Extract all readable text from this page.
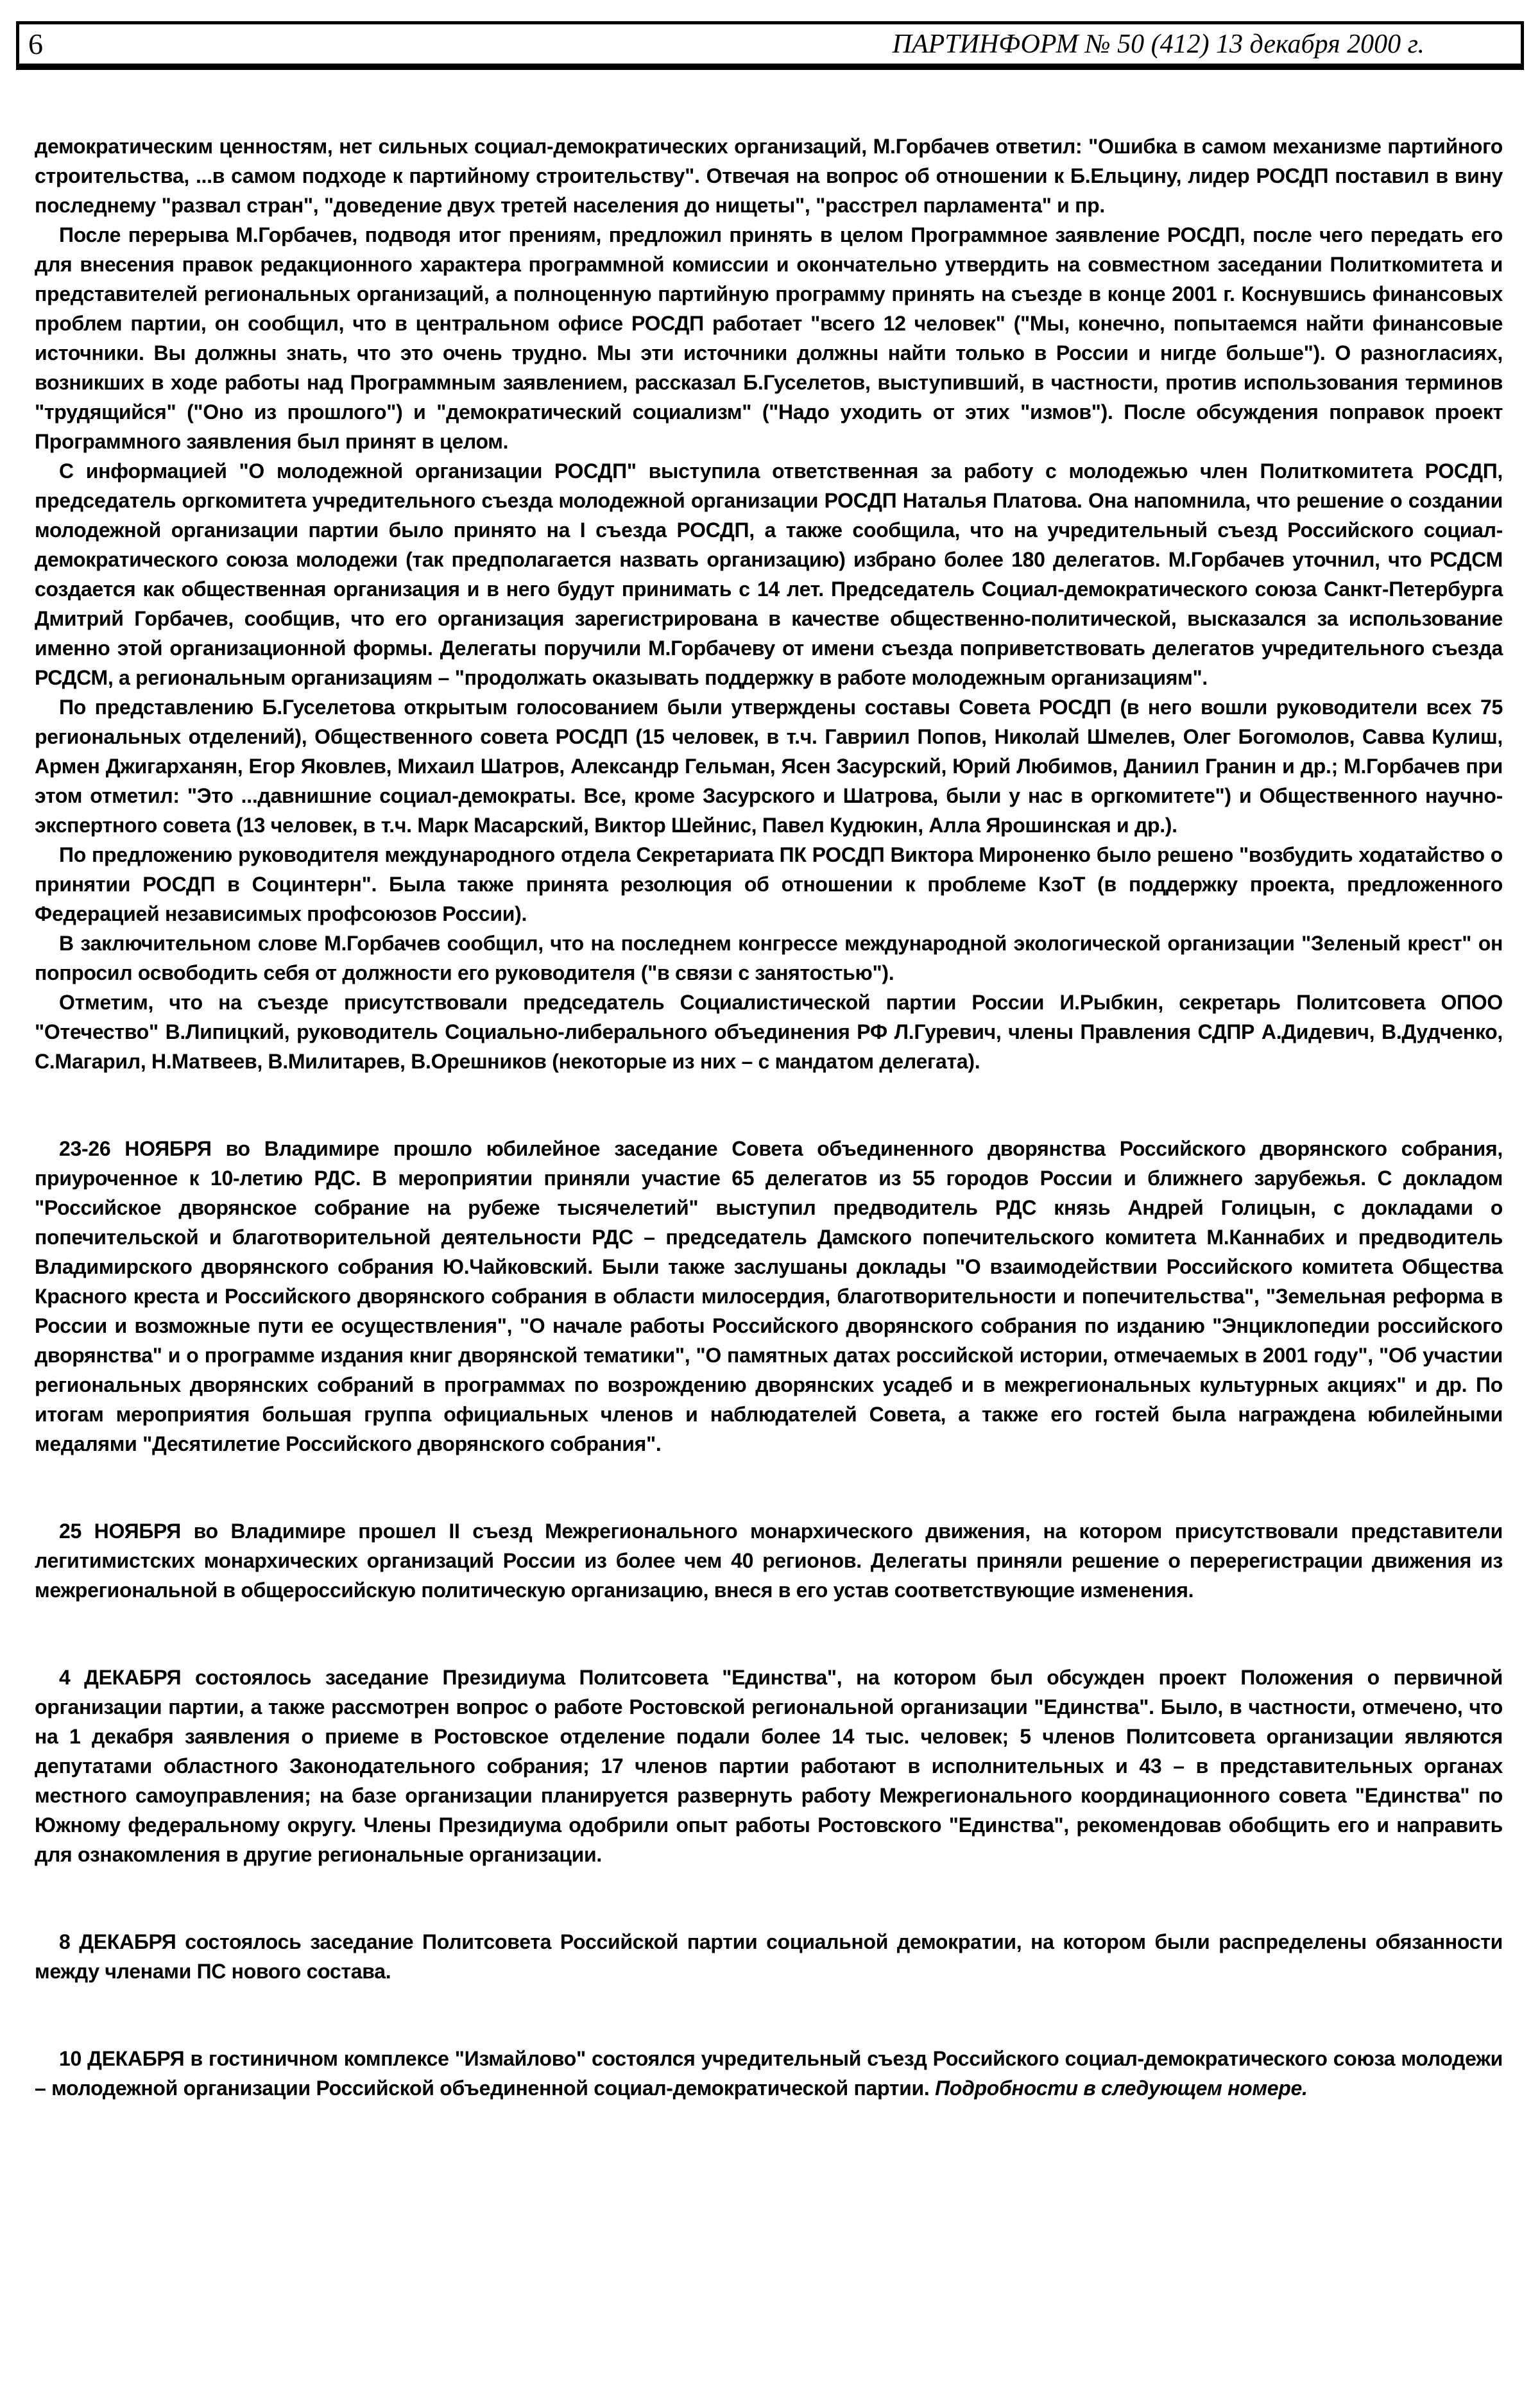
6	ПАРТИНФОРМ № 50 (412) 13 декабря 2000 г.

демократическим ценностям, нет сильных социал-демократических организаций, М.Горбачев ответил: "Ошибка в самом механизме партийного строительства, ...в самом подходе к партийному строительству". Отвечая на вопрос об отношении к Б.Ельцину, лидер РОСДП поставил в вину последнему "развал стран", "доведение двух третей населения до нищеты", "расстрел парламента" и пр.

После перерыва М.Горбачев, подводя итог прениям, предложил принять в целом Программное заявление РОСДП, после чего передать его для внесения правок редакционного характера программной комиссии и окончательно утвердить на совместном заседании Политкомитета и представителей региональных организаций, а полноценную партийную программу принять на съезде в конце 2001 г. Коснувшись финансовых проблем партии, он сообщил, что в центральном офисе РОСДП работает "всего 12 человек" ("Мы, конечно, попытаемся найти финансовые источники. Вы должны знать, что это очень трудно. Мы эти источники должны найти только в России и нигде больше"). О разногласиях, возникших в ходе работы над Программным заявлением, рассказал Б.Гуселетов, выступивший, в частности, против использования терминов "трудящийся" ("Оно из прошлого") и "демократический социализм" ("Надо уходить от этих "измов"). После обсуждения поправок проект Программного заявления был принят в целом.

С информацией "О молодежной организации РОСДП" выступила ответственная за работу с молодежью член Политкомитета РОСДП, председатель оргкомитета учредительного съезда молодежной организации РОСДП Наталья Платова. Она напомнила, что решение о создании молодежной организации партии было принято на I съезда РОСДП, а также сообщила, что на учредительный съезд Российского социал-демократического союза молодежи (так предполагается назвать организацию) избрано более 180 делегатов. М.Горбачев уточнил, что РСДСМ создается как общественная организация и в него будут принимать с 14 лет. Председатель Социал-демократического союза Санкт-Петербурга Дмитрий Горбачев, сообщив, что его организация зарегистрирована в качестве общественно-политической, высказался за использование именно этой организационной формы. Делегаты поручили М.Горбачеву от имени съезда поприветствовать делегатов учредительного съезда РСДСМ, а региональным организациям – "продолжать оказывать поддержку в работе молодежным организациям".

По представлению Б.Гуселетова открытым голосованием были утверждены составы Совета РОСДП (в него вошли руководители всех 75 региональных отделений), Общественного совета РОСДП (15 человек, в т.ч. Гавриил Попов, Николай Шмелев, Олег Богомолов, Савва Кулиш, Армен Джигарханян, Егор Яковлев, Михаил Шатров, Александр Гельман, Ясен Засурский, Юрий Любимов, Даниил Гранин и др.; М.Горбачев при этом отметил: "Это ...давнишние социал-демократы. Все, кроме Засурского и Шатрова, были у нас в оргкомитете") и Общественного научно-экспертного совета (13 человек, в т.ч. Марк Масарский, Виктор Шейнис, Павел Кудюкин, Алла Ярошинская и др.).

По предложению руководителя международного отдела Секретариата ПК РОСДП Виктора Мироненко было решено "возбудить ходатайство о принятии РОСДП в Социнтерн". Была также принята резолюция об отношении к проблеме КзоТ (в поддержку проекта, предложенного Федерацией независимых профсоюзов России).

В заключительном слове М.Горбачев сообщил, что на последнем конгрессе международной экологической организации "Зеленый крест" он попросил освободить себя от должности его руководителя ("в связи с занятостью").

Отметим, что на съезде присутствовали председатель Социалистической партии России И.Рыбкин, секретарь Политсовета ОПОО "Отечество" В.Липицкий, руководитель Социально-либерального объединения РФ Л.Гуревич, члены Правления СДПР А.Дидевич, В.Дудченко, С.Магарил, Н.Матвеев, В.Милитарев, В.Орешников (некоторые из них – с мандатом делегата).

23-26 НОЯБРЯ во Владимире прошло юбилейное заседание Совета объединенного дворянства Российского дворянского собрания, приуроченное к 10-летию РДС. В мероприятии приняли участие 65 делегатов из 55 городов России и ближнего зарубежья. С докладом "Российское дворянское собрание на рубеже тысячелетий" выступил предводитель РДС князь Андрей Голицын, с докладами о попечительской и благотворительной деятельности РДС – председатель Дамского попечительского комитета М.Каннабих и предводитель Владимирского дворянского собрания Ю.Чайковский. Были также заслушаны доклады "О взаимодействии Российского комитета Общества Красного креста и Российского дворянского собрания в области милосердия, благотворительности и попечительства", "Земельная реформа в России и возможные пути ее осуществления", "О начале работы Российского дворянского собрания по изданию "Энциклопедии российского дворянства" и о программе издания книг дворянской тематики", "О памятных датах российской истории, отмечаемых в 2001 году", "Об участии региональных дворянских собраний в программах по возрождению дворянских усадеб и в межрегиональных культурных акциях" и др. По итогам мероприятия большая группа официальных членов и наблюдателей Совета, а также его гостей была награждена юбилейными медалями "Десятилетие Российского дворянского собрания".

25 НОЯБРЯ во Владимире прошел II съезд Межрегионального монархического движения, на котором присутствовали представители легитимистских монархических организаций России из более чем 40 регионов. Делегаты приняли решение о перерегистрации движения из межрегиональной в общероссийскую политическую организацию, внеся в его устав соответствующие изменения.

4 ДЕКАБРЯ состоялось заседание Президиума Политсовета "Единства", на котором был обсужден проект Положения о первичной организации партии, а также рассмотрен вопрос о работе Ростовской региональной организации "Единства". Было, в частности, отмечено, что на 1 декабря заявления о приеме в Ростовское отделение подали более 14 тыс. человек; 5 членов Политсовета организации являются депутатами областного Законодательного собрания; 17 членов партии работают в исполнительных и 43 – в представительных органах местного самоуправления; на базе организации планируется развернуть работу Межрегионального координационного совета "Единства" по Южному федеральному округу. Члены Президиума одобрили опыт работы Ростовского "Единства", рекомендовав обобщить его и направить для ознакомления в другие региональные организации.

8 ДЕКАБРЯ состоялось заседание Политсовета Российской партии социальной демократии, на котором были распределены обязанности между членами ПС нового состава.

10 ДЕКАБРЯ в гостиничном комплексе "Измайлово" состоялся учредительный съезд Российского социал-демократического союза молодежи – молодежной организации Российской объединенной социал-демократической партии. Подробности в следующем номере.
